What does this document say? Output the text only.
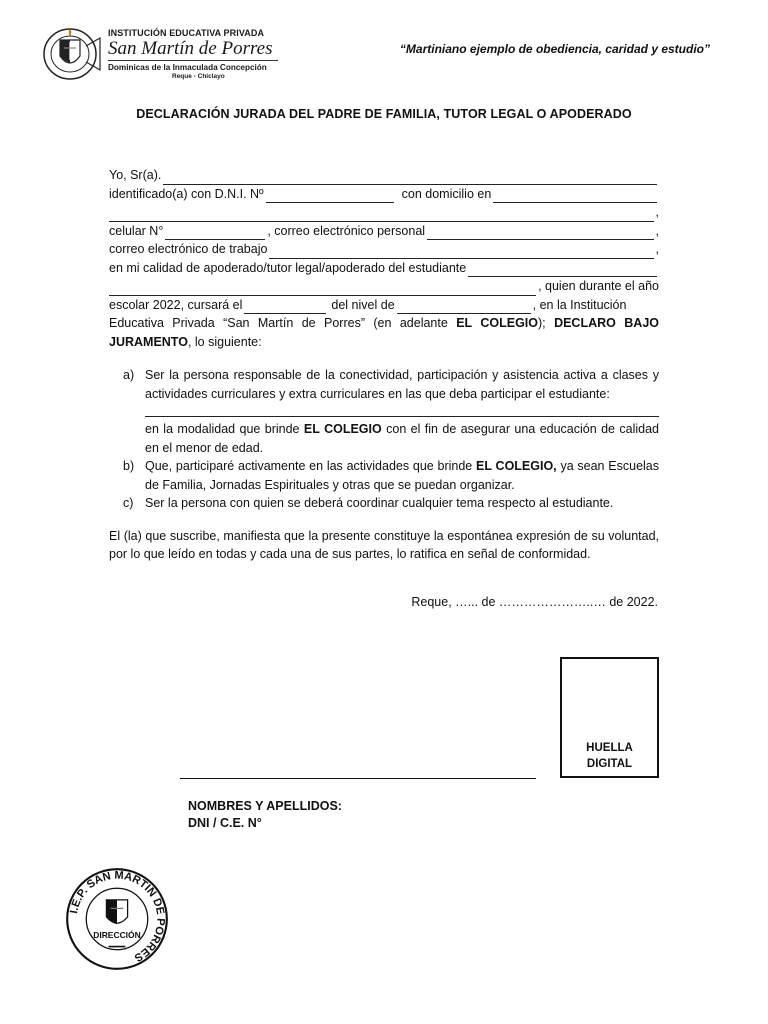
INSTITUCIÓN EDUCATIVA PRIVADA
San Martín de Porres
Dominicas de la Inmaculada Concepción
Reque - Chiclayo
“Martiniano ejemplo de obediencia, caridad y estudio”
DECLARACIÓN JURADA DEL PADRE DE FAMILIA, TUTOR LEGAL O APODERADO
Yo, Sr(a).
identificado(a) con D.N.I. Nº	con domicilio en
,
celular N°	, correo electrónico personal	,
correo electrónico de trabajo	,
en mi calidad de apoderado/tutor legal/apoderado del estudiante
, quien durante el año
escolar 2022, cursará el	del nivel de	, en la Institución

Educativa Privada “San Martín de Porres” (en adelante EL COLEGIO); DECLARO BAJO JURAMENTO, lo siguiente:

a) Ser la persona responsable de la conectividad, participación y asistencia activa a clases y actividades curriculares y extra curriculares en las que deba participar el estudiante:
en la modalidad que brinde EL COLEGIO con el fin de asegurar una educación de calidad en el menor de edad.
b) Que, participaré activamente en las actividades que brinde EL COLEGIO, ya sean Escuelas de Familia, Jornadas Espirituales y otras que se puedan organizar.
c) Ser la persona con quien se deberá coordinar cualquier tema respecto al estudiante.

El (la) que suscribe, manifiesta que la presente constituye la espontánea expresión de su voluntad, por lo que leído en todas y cada una de sus partes, lo ratifica en señal de conformidad.

Reque, …... de …………………..… de 2022.
HUELLA
DIGITAL
NOMBRES Y APELLIDOS:
DNI / C.E. N°
I.E.P. SAN MARTIN DE PORRES
DIRECCIÓN
